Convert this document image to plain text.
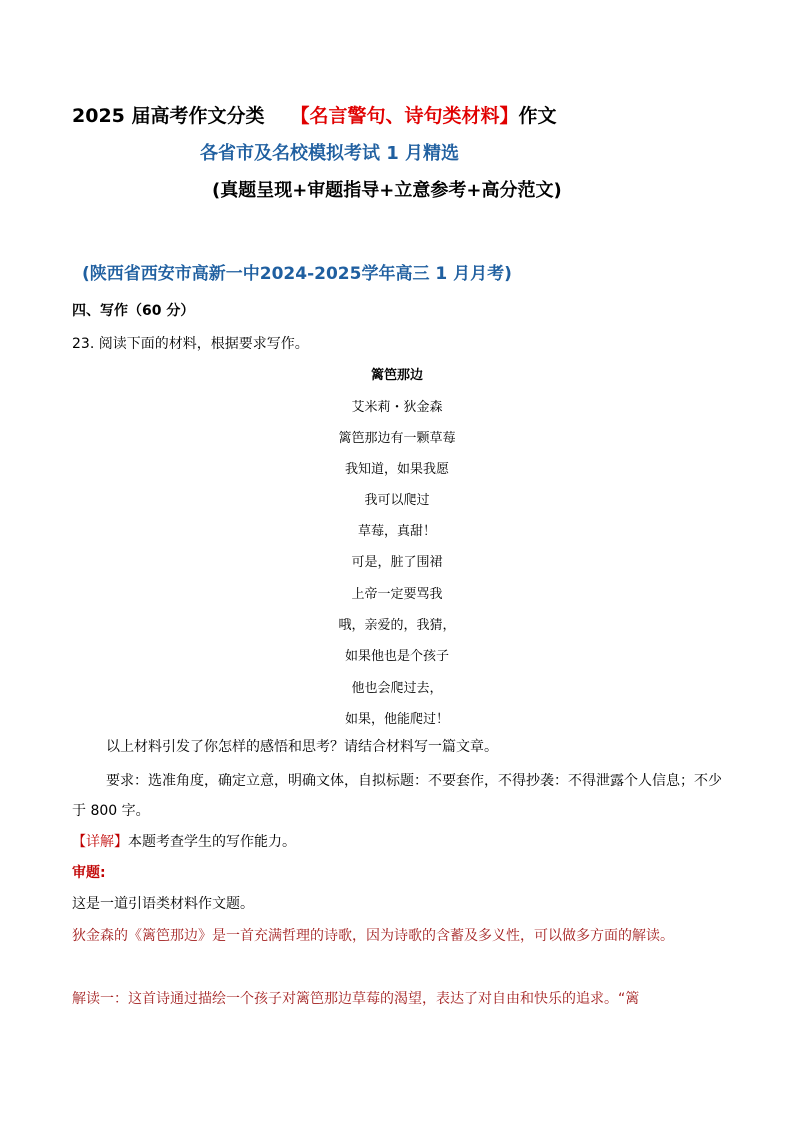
2025 届高考作文分类 【名言警句、诗句类材料】作文
各省市及名校模拟考试 1 月精选
(真题呈现+审题指导+立意参考+高分范文)
(陕西省西安市高新一中2024-2025学年高三 1 月月考)
四、写作（60 分）
23. 阅读下面的材料，根据要求写作。
篱笆那边
艾米莉・狄金森
篱笆那边有一颗草莓
我知道，如果我愿
我可以爬过
草莓，真甜！
可是，脏了围裙
上帝一定要骂我
哦，亲爱的，我猜，
如果他也是个孩子
他也会爬过去，
如果，他能爬过！
以上材料引发了你怎样的感悟和思考？请结合材料写一篇文章。
要求：选准角度，确定立意，明确文体，自拟标题：不要套作，不得抄袭：不得泄露个人信息；不少于 800 字。
【详解】本题考查学生的写作能力。
审题:
这是一道引语类材料作文题。
狄金森的《篱笆那边》是一首充满哲理的诗歌，因为诗歌的含蓄及多义性，可以做多方面的解读。
解读一：这首诗通过描绘一个孩子对篱笆那边草莓的渴望，表达了对自由和快乐的追求。“篱
